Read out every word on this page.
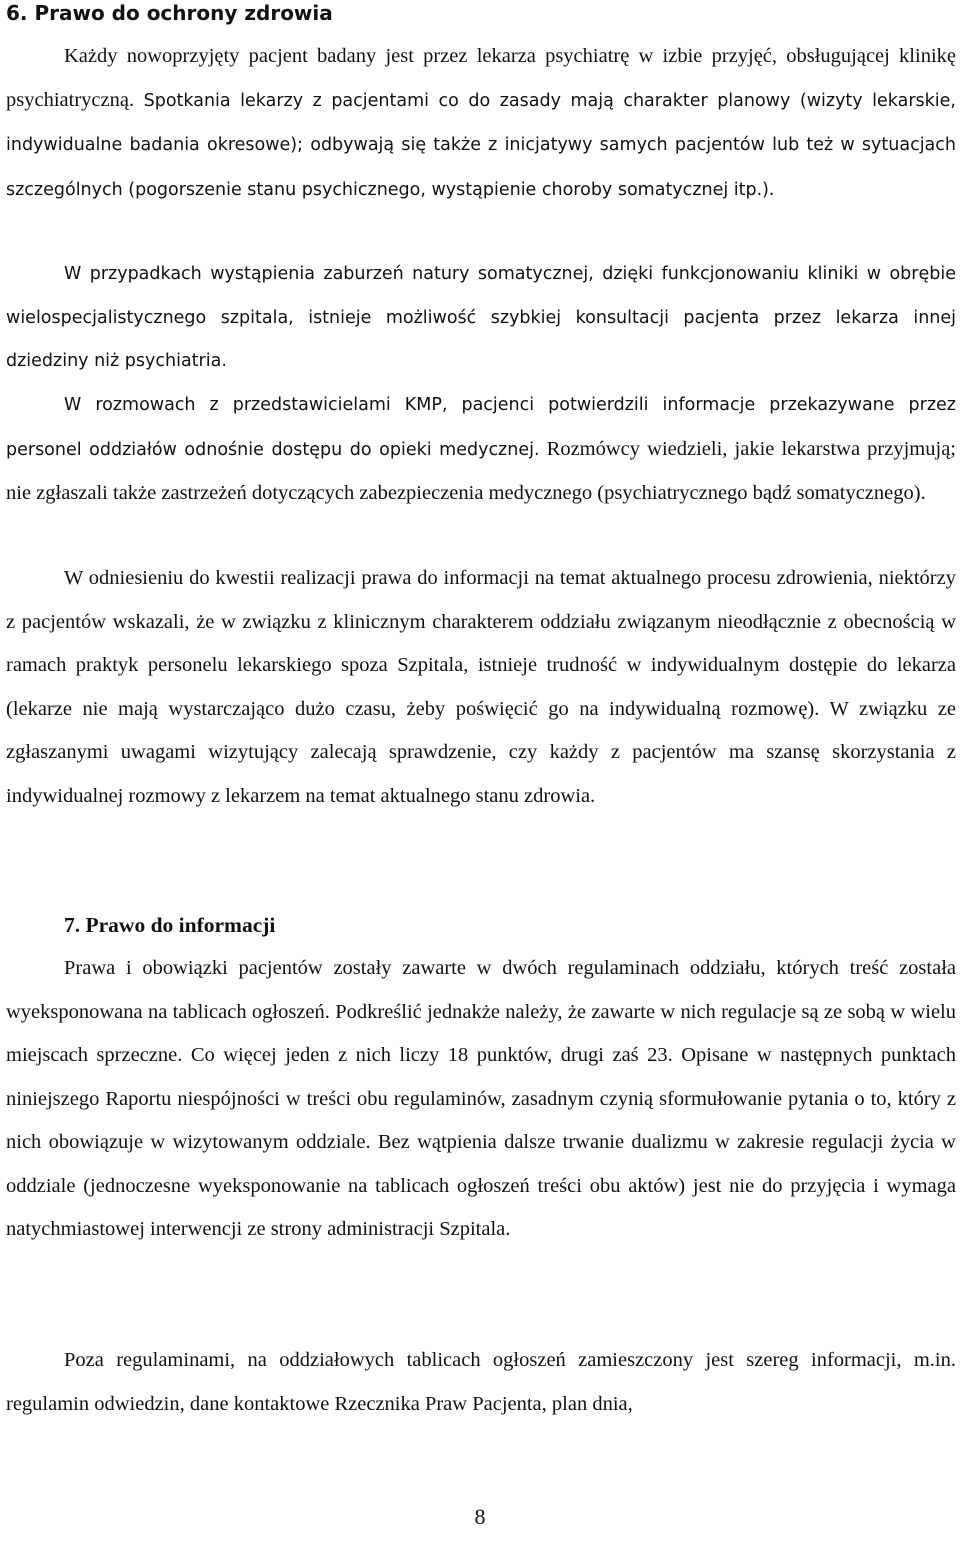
6. Prawo do ochrony zdrowia

Każdy nowoprzyjęty pacjent badany jest przez lekarza psychiatrę w izbie przyjęć, obsługującej klinikę psychiatryczną. Spotkania lekarzy z pacjentami co do zasady mają charakter planowy (wizyty lekarskie, indywidualne badania okresowe); odbywają się także z inicjatywy samych pacjentów lub też w sytuacjach szczególnych (pogorszenie stanu psychicznego, wystąpienie choroby somatycznej itp.).

W przypadkach wystąpienia zaburzeń natury somatycznej, dzięki funkcjonowaniu kliniki w obrębie wielospecjalistycznego szpitala, istnieje możliwość szybkiej konsultacji pacjenta przez lekarza innej dziedziny niż psychiatria.

W rozmowach z przedstawicielami KMP, pacjenci potwierdzili informacje przekazywane przez personel oddziałów odnośnie dostępu do opieki medycznej. Rozmówcy wiedzieli, jakie lekarstwa przyjmują; nie zgłaszali także zastrzeżeń dotyczących zabezpieczenia medycznego (psychiatrycznego bądź somatycznego).

W odniesieniu do kwestii realizacji prawa do informacji na temat aktualnego procesu zdrowienia, niektórzy z pacjentów wskazali, że w związku z klinicznym charakterem oddziału związanym nieodłącznie z obecnością w ramach praktyk personelu lekarskiego spoza Szpitala, istnieje trudność w indywidualnym dostępie do lekarza (lekarze nie mają wystarczająco dużo czasu, żeby poświęcić go na indywidualną rozmowę). W związku ze zgłaszanymi uwagami wizytujący zalecają sprawdzenie, czy każdy z pacjentów ma szansę skorzystania z indywidualnej rozmowy z lekarzem na temat aktualnego stanu zdrowia.

7. Prawo do informacji

Prawa i obowiązki pacjentów zostały zawarte w dwóch regulaminach oddziału, których treść została wyeksponowana na tablicach ogłoszeń. Podkreślić jednakże należy, że zawarte w nich regulacje są ze sobą w wielu miejscach sprzeczne. Co więcej jeden z nich liczy 18 punktów, drugi zaś 23. Opisane w następnych punktach niniejszego Raportu niespójności w treści obu regulaminów, zasadnym czynią sformułowanie pytania o to, który z nich obowiązuje w wizytowanym oddziale. Bez wątpienia dalsze trwanie dualizmu w zakresie regulacji życia w oddziale (jednoczesne wyeksponowanie na tablicach ogłoszeń treści obu aktów) jest nie do przyjęcia i wymaga natychmiastowej interwencji ze strony administracji Szpitala.

Poza regulaminami, na oddziałowych tablicach ogłoszeń zamieszczony jest szereg informacji, m.in. regulamin odwiedzin, dane kontaktowe Rzecznika Praw Pacjenta, plan dnia,

8
